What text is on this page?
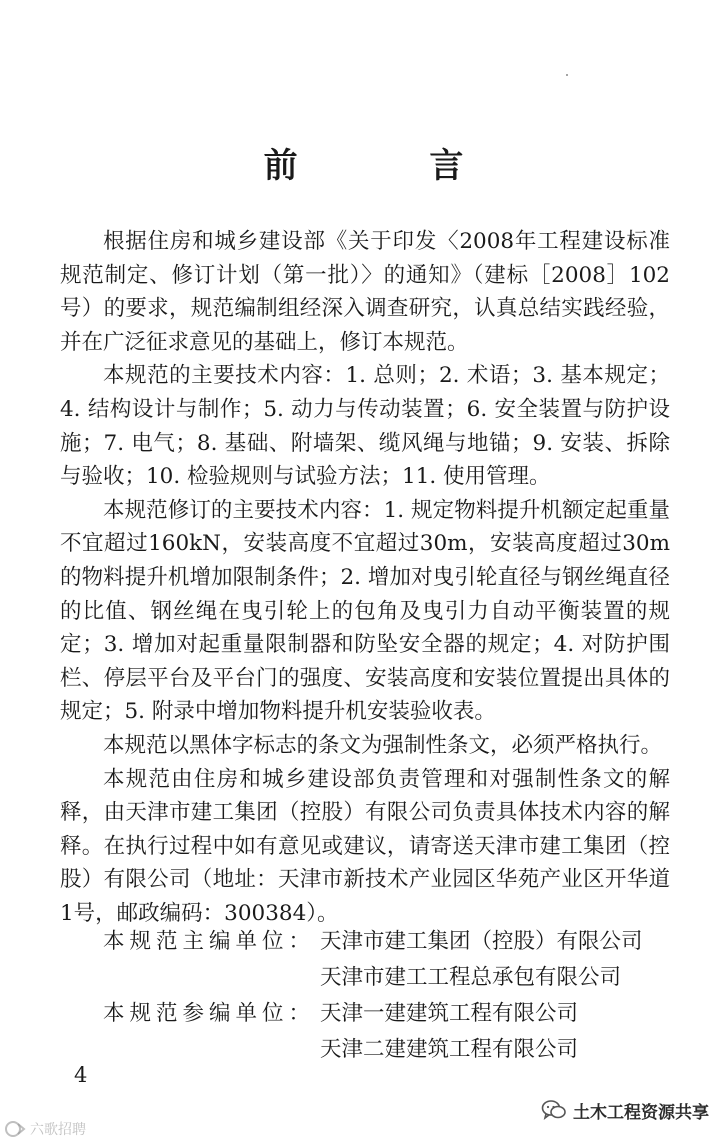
前 言

根据住房和城乡建设部《关于印发〈2008年工程建设标准规范制定、修订计划（第一批）〉的通知》（建标［2008］102号）的要求，规范编制组经深入调查研究，认真总结实践经验，并在广泛征求意见的基础上，修订本规范。

本规范的主要技术内容：1. 总则；2. 术语；3. 基本规定；4. 结构设计与制作；5. 动力与传动装置；6. 安全装置与防护设施；7. 电气；8. 基础、附墙架、缆风绳与地锚；9. 安装、拆除与验收；10. 检验规则与试验方法；11. 使用管理。

本规范修订的主要技术内容：1. 规定物料提升机额定起重量不宜超过160kN，安装高度不宜超过30m，安装高度超过30m的物料提升机增加限制条件；2. 增加对曳引轮直径与钢丝绳直径的比值、钢丝绳在曳引轮上的包角及曳引力自动平衡装置的规定；3. 增加对起重量限制器和防坠安全器的规定；4. 对防护围栏、停层平台及平台门的强度、安装高度和安装位置提出具体的规定；5. 附录中增加物料提升机安装验收表。

本规范以黑体字标志的条文为强制性条文，必须严格执行。

本规范由住房和城乡建设部负责管理和对强制性条文的解释，由天津市建工集团（控股）有限公司负责具体技术内容的解释。在执行过程中如有意见或建议，请寄送天津市建工集团（控股）有限公司（地址：天津市新技术产业园区华苑产业区开华道1号，邮政编码：300384）。

本规范主编单位： 天津市建工集团（控股）有限公司
天津市建工工程总承包有限公司
本规范参编单位： 天津一建建筑工程有限公司
天津二建建筑工程有限公司
4
六歌招聘
土木工程资源共享
